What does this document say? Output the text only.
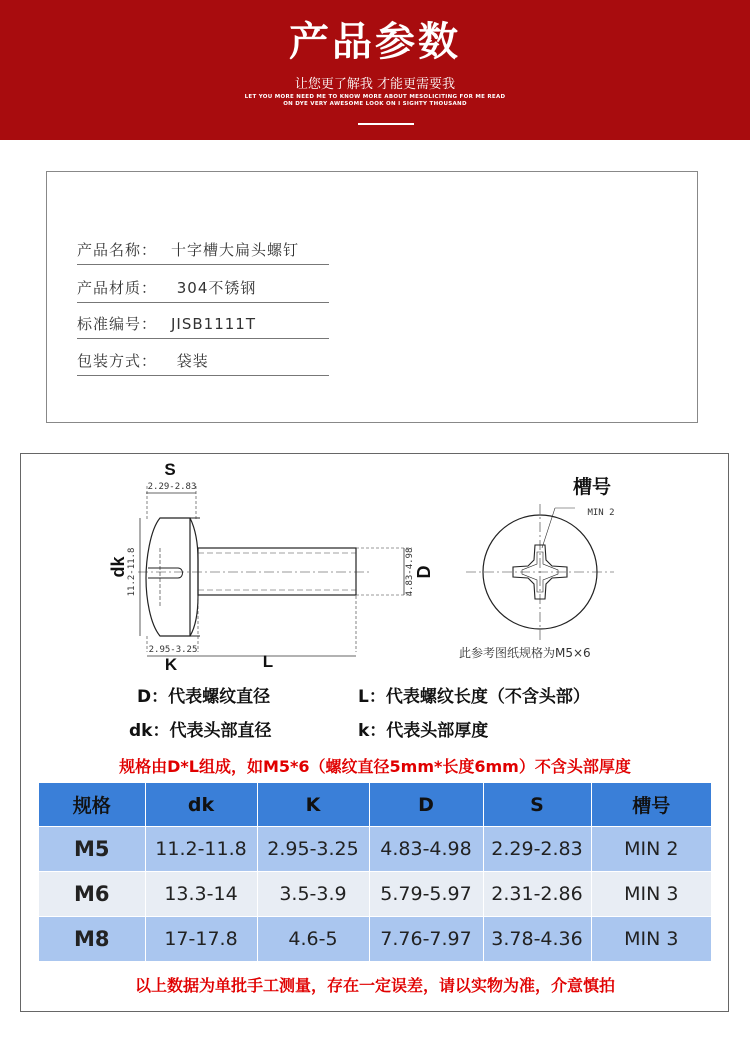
产品参数
让您更了解我 才能更需要我
LET YOU MORE NEED ME TO KNOW MORE ABOUT MESOLICITING FOR ME READ
ON DYE VERY AWESOME LOOK ON I SIGHTY THOUSAND
产品名称： 十字槽大扁头螺钉
产品材质： 304不锈钢
标准编号： JISB1111T
包装方式： 袋装
S
2.29-2.83
dk 11.2-11.8	4.83-4.98 D
2.95-3.25
K	L
槽号
MIN 2
此参考图纸规格为M5×6
D：代表螺纹直径	L：代表螺纹长度（不含头部）
dk：代表头部直径	k：代表头部厚度
规格由D*L组成，如M5*6（螺纹直径5mm*长度6mm）不含头部厚度
规格	dk	K	D	S	槽号
M5	11.2-11.8	2.95-3.25	4.83-4.98	2.29-2.83	MIN 2
M6	13.3-14	3.5-3.9	5.79-5.97	2.31-2.86	MIN 3
M8	17-17.8	4.6-5	7.76-7.97	3.78-4.36	MIN 3
以上数据为单批手工测量，存在一定误差，请以实物为准，介意慎拍
